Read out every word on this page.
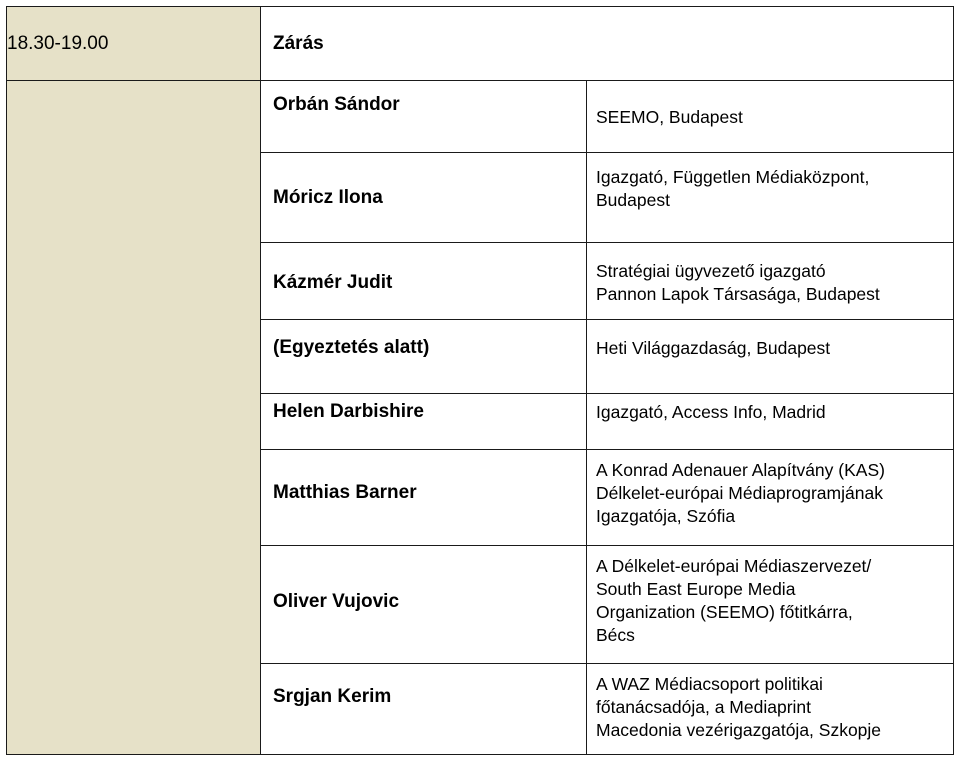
18.30-19.00	Zárás	
	Orbán Sándor	SEEMO, Budapest

	Móricz Ilona	Igazgató, Független Médiaközpont,
Budapest

	Kázmér Judit	Stratégiai ügyvezető igazgató
Pannon Lapok Társasága, Budapest

	(Egyeztetés alatt)	Heti Világgazdaság, Budapest

	Helen Darbishire	Igazgató, Access Info, Madrid

	Matthias Barner	A Konrad Adenauer Alapítvány (KAS)
Délkelet-európai Médiaprogramjának
Igazgatója, Szófia

	Oliver Vujovic	A Délkelet-európai Médiaszervezet/
South East Europe Media
Organization (SEEMO) főtitkárra,
Bécs

	Srgjan Kerim	A WAZ Médiacsoport politikai
főtanácsadója, a Mediaprint
Macedonia vezérigazgatója, Szkopje
